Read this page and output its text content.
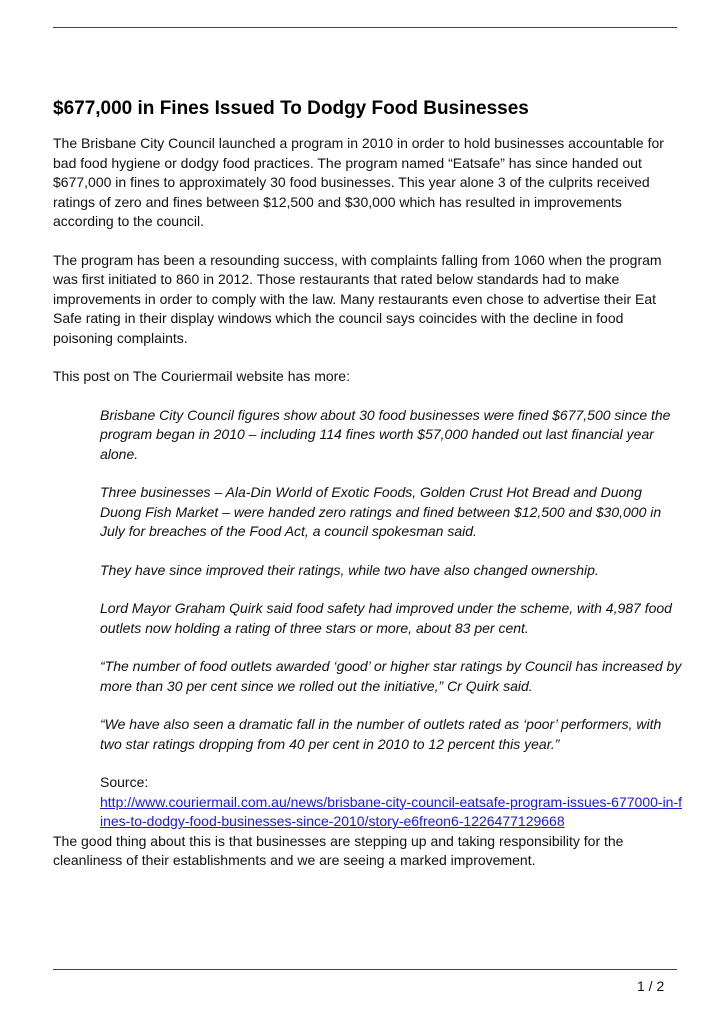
$677,000 in Fines Issued To Dodgy Food Businesses

The Brisbane City Council launched a program in 2010 in order to hold businesses accountable for bad food hygiene or dodgy food practices. The program named “Eatsafe” has since handed out $677,000 in fines to approximately 30 food businesses. This year alone 3 of the culprits received ratings of zero and fines between $12,500 and $30,000 which has resulted in improvements according to the council.

The program has been a resounding success, with complaints falling from 1060 when the program was first initiated to 860 in 2012. Those restaurants that rated below standards had to make improvements in order to comply with the law. Many restaurants even chose to advertise their Eat Safe rating in their display windows which the council says coincides with the decline in food poisoning complaints.

This post on The Couriermail website has more:

Brisbane City Council figures show about 30 food businesses were fined $677,500 since the program began in 2010 – including 114 fines worth $57,000 handed out last financial year alone.

Three businesses – Ala-Din World of Exotic Foods, Golden Crust Hot Bread and Duong Duong Fish Market – were handed zero ratings and fined between $12,500 and $30,000 in July for breaches of the Food Act, a council spokesman said.

They have since improved their ratings, while two have also changed ownership.

Lord Mayor Graham Quirk said food safety had improved under the scheme, with 4,987 food outlets now holding a rating of three stars or more, about 83 per cent.

“The number of food outlets awarded ‘good’ or higher star ratings by Council has increased by more than 30 per cent since we rolled out the initiative,” Cr Quirk said.

“We have also seen a dramatic fall in the number of outlets rated as ‘poor’ performers, with two star ratings dropping from 40 per cent in 2010 to 12 percent this year.”

Source:
http://www.couriermail.com.au/news/brisbane-city-council-eatsafe-program-issues-677000-in-fines-to-dodgy-food-businesses-since-2010/story-e6freon6-1226477129668

The good thing about this is that businesses are stepping up and taking responsibility for the cleanliness of their establishments and we are seeing a marked improvement.

1 / 2
